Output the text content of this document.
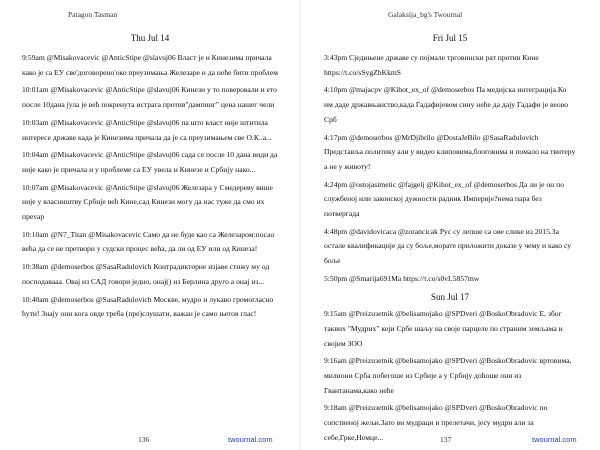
Patagon Tasman
Thu Jul 14

9:59am @Misakovacevic @AnticStipe @slavuj06 Власт је и Кинезима причала како је са ЕУ све'договорено'око преузимања Железаре и да неће бити проблем

10:01am @Misakovacevic @AnticStipe @slavuj06 Кинези у то поверовали и ето после 10дана јула је већ покренута истрага против"дампинг" цена нашег чели

10:03am @Misakovacevic @AnticStipe @slavuj06 па што власт није штитила интересе државе када је Кинезима причала да је са преузимањем све О.К..а...

10:04am @Misakovacevic @AnticStipe @slavuj06 сада се после 10 дана види да није како је причала и у проблеме са ЕУ увела и Кинезе и Србију нако...

10:07am @Misakovacevic @AnticStipe @slavuj06 Железара у Смедереву више није у власништву Србије већ Кине,сад Кинези могу да нас туже да смо их преvар

10:10am @N7_Titan @Misakovacevic Само да не буде као са Железаром:посао већа да се не претворн у судски процес већа, да ли од ЕУ или од Кинеза!

10:38am @demoserbos @SasaRadulovich Контрадикторне изјаве стижу му од посподавааа. Овај из САД говори једно, онај() из Берлина друго а онај из...

10:40am @demoserbos @SasaRadulovich Москве, мудро и лукаво громогласно ћути! Знају они кога овде треба (пре)слушати, важан је само његов глас!

136	twournal.com
Galaksija_bg's Twournal
Fri Jul 15

3:43pm Сједињене државе су појмале трговински рат против Кине https://t.co/sSygZbKkmS

4:10pm @majacpv @Kihot_ex_of @demoserbos Па медијска интеграција.Ко им даде државњанство,када Гадафијевом сину неће да дају Гадафи је веово Срб

4:17pm @demoserbos @MrDjibrilo @DostaJeBilo @SasaRadulovich Представља политику али у видео клиповима,блоговима и помало на твитеру а не у животу!

4:24pm @ostojasimetic @fajgelj @Kihot_ex_of @demoserbos Да ли је он по службеној или законској дужности радник Империје?нема пара без потвергада

4:48pm @davidovicaca @zoranciсak Рус су лепше са ове слике из 2015.За остале квалификације да су боље,морате приложити доказе у чему и како су боље

5:50pm @Smarija691Ма https://t.co/s0vL5857mw

Sun Jul 17

9:15am @Preizuзetnik @belisamojako @SPDveri @BoskoObradovic Е, због таквих "Мудрих" који Србе шаљу на своје парцеле по страним земљама и својим ЗОО

9:16am @Preizuзetnik @belisamojako @SPDveri @BoskoObradovic вртовима, милиони Срба побегоше из Србије а у Србију доћоше они из Гвантанамa,како неће

9:18am @Preizuзetnik @belisamojako @SPDveri @BoskoObradovic по сопственој жељи.Зато ви мудраци и прелетачи, јесу мудри али за себе,Грке,Немце...	137	twournal.com
